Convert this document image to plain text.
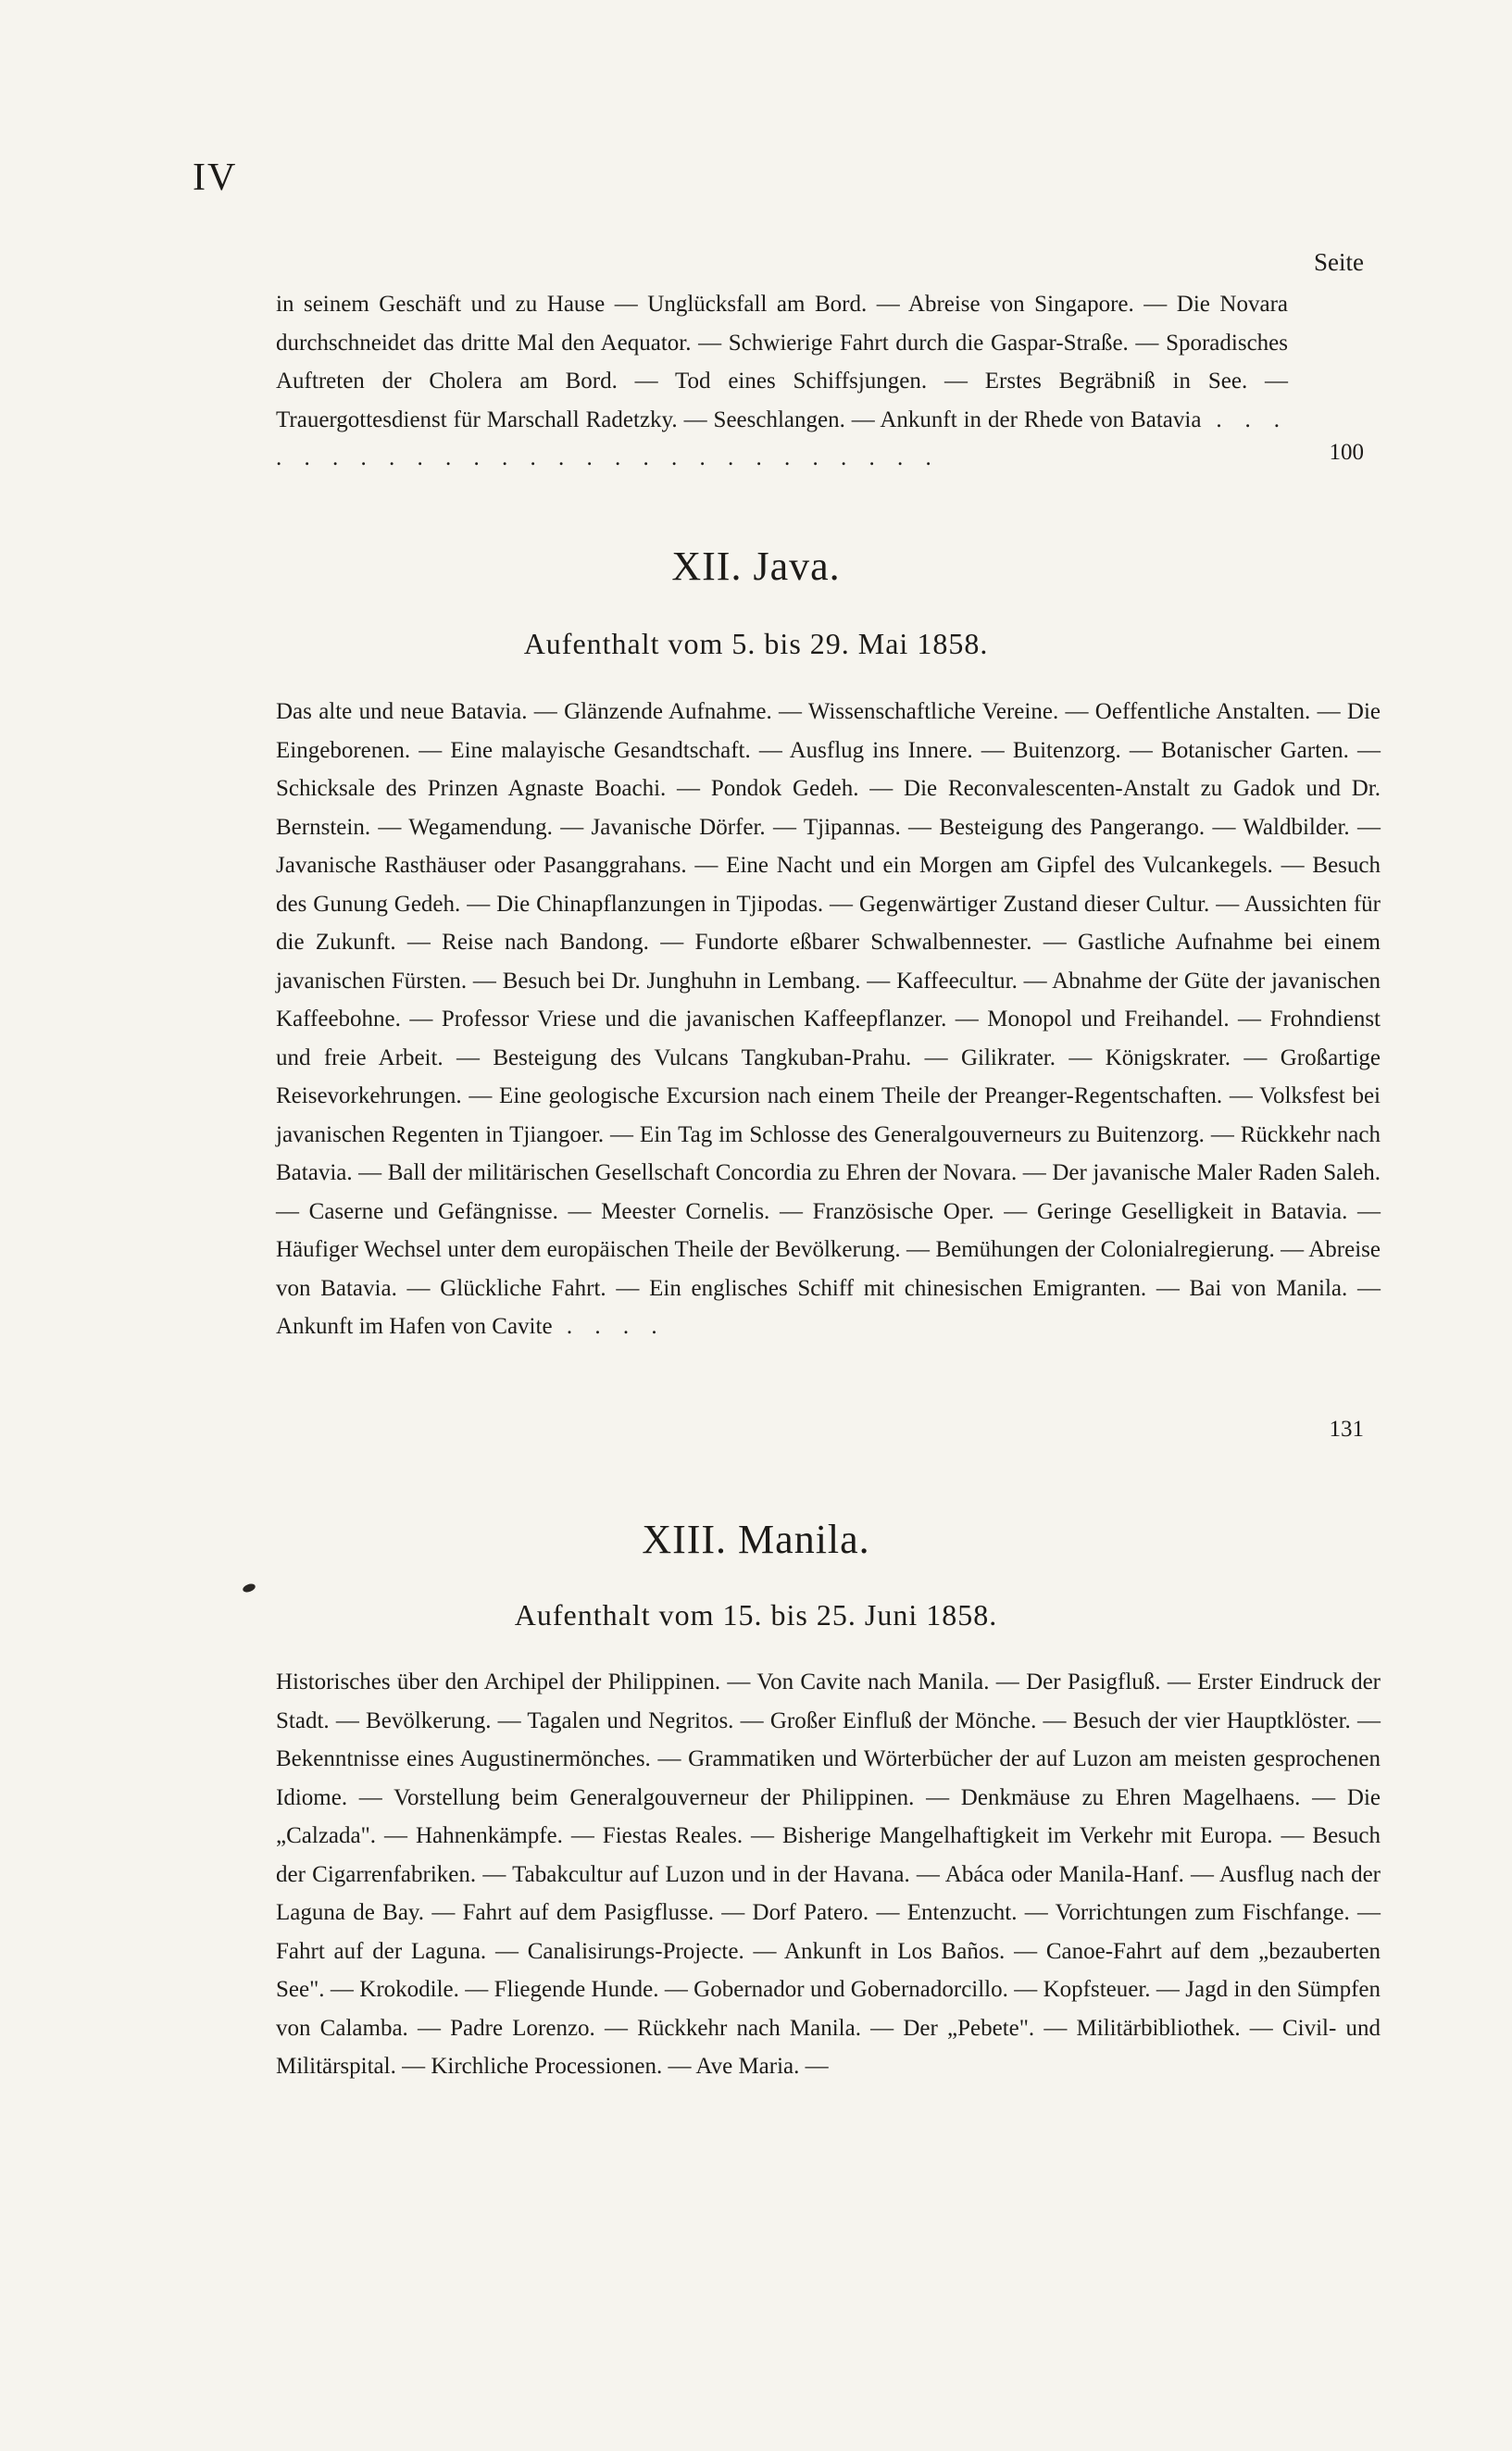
IV
Seite
in seinem Geschäft und zu Hause — Unglücksfall am Bord. — Abreise von Singapore. — Die Novara durchschneidet das dritte Mal den Aequator. — Schwierige Fahrt durch die Gaspar-Straße. — Sporadisches Auftreten der Cholera am Bord. — Tod eines Schiffsjungen. — Erstes Begräbniß in See. — Trauergottesdienst für Marschall Radetzky. — Seeschlangen. — Ankunft in der Rhede von Batavia . . . . . . . . . . . . . . . . . . . . . . . . . . .	100
XII. Java.
Aufenthalt vom 5. bis 29. Mai 1858.
Das alte und neue Batavia. — Glänzende Aufnahme. — Wissenschaftliche Vereine. — Oeffentliche Anstalten. — Die Eingeborenen. — Eine malayische Gesandtschaft. — Ausflug ins Innere. — Buitenzorg. — Botanischer Garten. — Schicksale des Prinzen Agnaste Boachi. — Pondok Gedeh. — Die Reconvalescenten-Anstalt zu Gadok und Dr. Bernstein. — Wegamendung. — Javanische Dörfer. — Tjipannas. — Besteigung des Pangerango. — Waldbilder. — Javanische Rasthäuser oder Pasanggrahans. — Eine Nacht und ein Morgen am Gipfel des Vulcankegels. — Besuch des Gunung Gedeh. — Die Chinapflanzungen in Tjipodas. — Gegenwärtiger Zustand dieser Cultur. — Aussichten für die Zukunft. — Reise nach Bandong. — Fundorte eßbarer Schwalbennester. — Gastliche Aufnahme bei einem javanischen Fürsten. — Besuch bei Dr. Junghuhn in Lembang. — Kaffeecultur. — Abnahme der Güte der javanischen Kaffeebohne. — Professor Vriese und die javanischen Kaffeepflanzer. — Monopol und Freihandel. — Frohndienst und freie Arbeit. — Besteigung des Vulcans Tangkuban-Prahu. — Gilikrater. — Königskrater. — Großartige Reisevorkehrungen. — Eine geologische Excursion nach einem Theile der Preanger-Regentschaften. — Volksfest bei javanischen Regenten in Tjiangoer. — Ein Tag im Schlosse des Generalgouverneurs zu Buitenzorg. — Rückkehr nach Batavia. — Ball der militärischen Gesellschaft Concordia zu Ehren der Novara. — Der javanische Maler Raden Saleh. — Caserne und Gefängnisse. — Meester Cornelis. — Französische Oper. — Geringe Geselligkeit in Batavia. — Häufiger Wechsel unter dem europäischen Theile der Bevölkerung. — Bemühungen der Colonialregierung. — Abreise von Batavia. — Glückliche Fahrt. — Ein englisches Schiff mit chinesischen Emigranten. — Bai von Manila. — Ankunft im Hafen von Cavite . . . .
131
XIII. Manila.
Aufenthalt vom 15. bis 25. Juni 1858.
Historisches über den Archipel der Philippinen. — Von Cavite nach Manila. — Der Pasigfluß. — Erster Eindruck der Stadt. — Bevölkerung. — Tagalen und Negritos. — Großer Einfluß der Mönche. — Besuch der vier Hauptklöster. — Bekenntnisse eines Augustinermönches. — Grammatiken und Wörterbücher der auf Luzon am meisten gesprochenen Idiome. — Vorstellung beim Generalgouverneur der Philippinen. — Denkmäuse zu Ehren Magelhaens. — Die „Calzada". — Hahnenkämpfe. — Fiestas Reales. — Bisherige Mangelhaftigkeit im Verkehr mit Europa. — Besuch der Cigarrenfabriken. — Tabakcultur auf Luzon und in der Havana. — Abáca oder Manila-Hanf. — Ausflug nach der Laguna de Bay. — Fahrt auf dem Pasigflusse. — Dorf Patero. — Entenzucht. — Vorrichtungen zum Fischfange. — Fahrt auf der Laguna. — Canalisirungs-Projecte. — Ankunft in Los Baños. — Canoe-Fahrt auf dem „bezauberten See". — Krokodile. — Fliegende Hunde. — Gobernador und Gobernadorcillo. — Kopfsteuer. — Jagd in den Sümpfen von Calamba. — Padre Lorenzo. — Rückkehr nach Manila. — Der „Pebete". — Militärbibliothek. — Civil- und Militärspital. — Kirchliche Processionen. — Ave Maria. —
